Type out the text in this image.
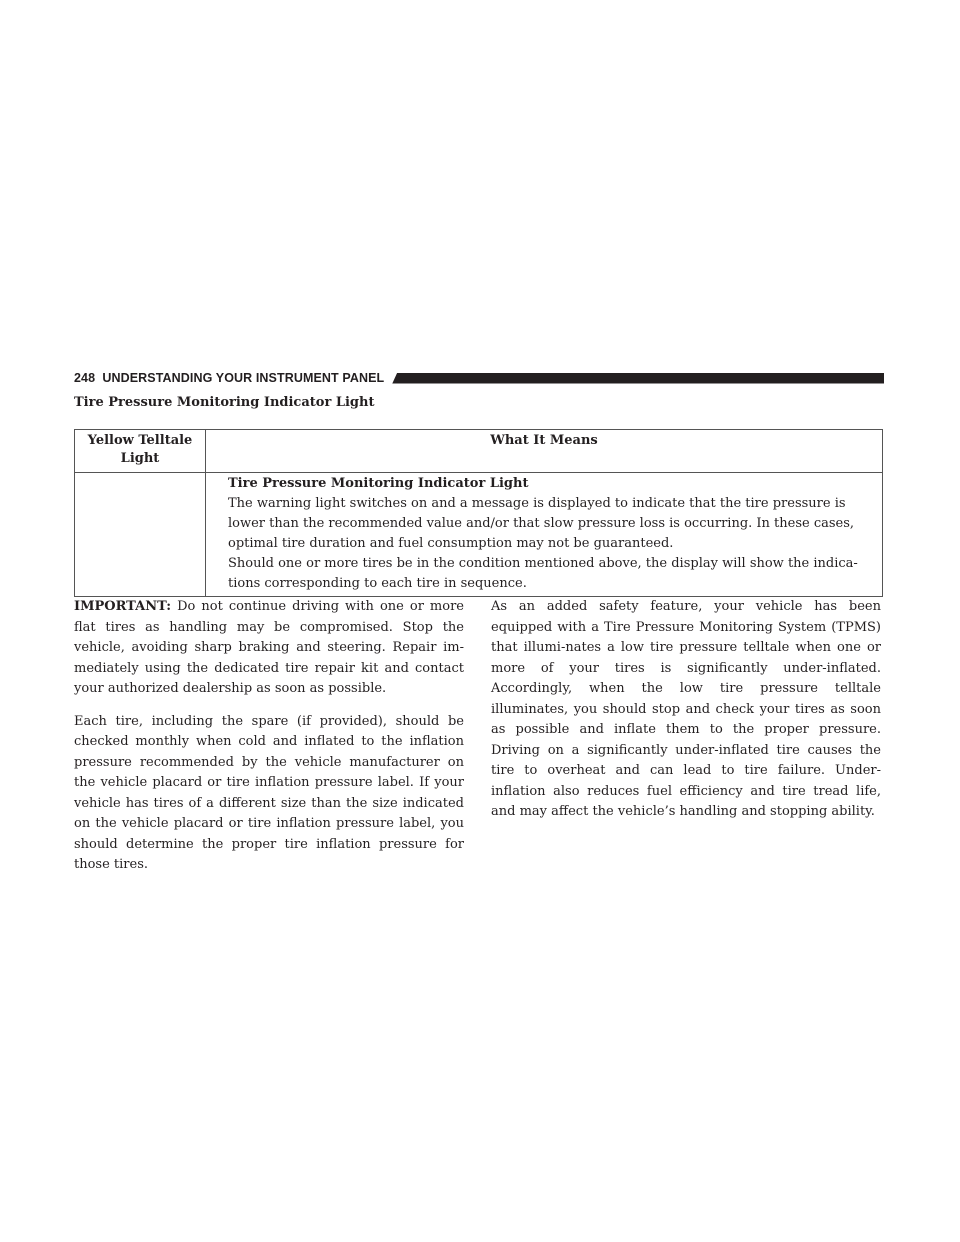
248 UNDERSTANDING YOUR INSTRUMENT PANEL
Tire Pressure Monitoring Indicator Light
Yellow Telltale Light	What It Means

	Tire Pressure Monitoring Indicator Light
The warning light switches on and a message is displayed to indicate that the tire pressure is lower than the recommended value and/or that slow pressure loss is occurring. In these cases, optimal tire duration and fuel consumption may not be guaranteed.
Should one or more tires be in the condition mentioned above, the display will show the indica-tions corresponding to each tire in sequence.

IMPORTANT: Do not continue driving with one or more flat tires as handling may be compromised. Stop the vehicle, avoiding sharp braking and steering. Repair im-mediately using the dedicated tire repair kit and contact your authorized dealership as soon as possible.

Each tire, including the spare (if provided), should be checked monthly when cold and inflated to the inflation pressure recommended by the vehicle manufacturer on the vehicle placard or tire inflation pressure label. If your vehicle has tires of a different size than the size indicated on the vehicle placard or tire inflation pressure label, you should determine the proper tire inflation pressure for those tires.

As an added safety feature, your vehicle has been equipped with a Tire Pressure Monitoring System (TPMS) that illumi-nates a low tire pressure telltale when one or more of your tires is significantly under-inflated. Accordingly, when the low tire pressure telltale illuminates, you should stop and check your tires as soon as possible and inflate them to the proper pressure. Driving on a significantly under-inflated tire causes the tire to overheat and can lead to tire failure. Under-inflation also reduces fuel efficiency and tire tread life, and may affect the vehicle’s handling and stopping ability.
